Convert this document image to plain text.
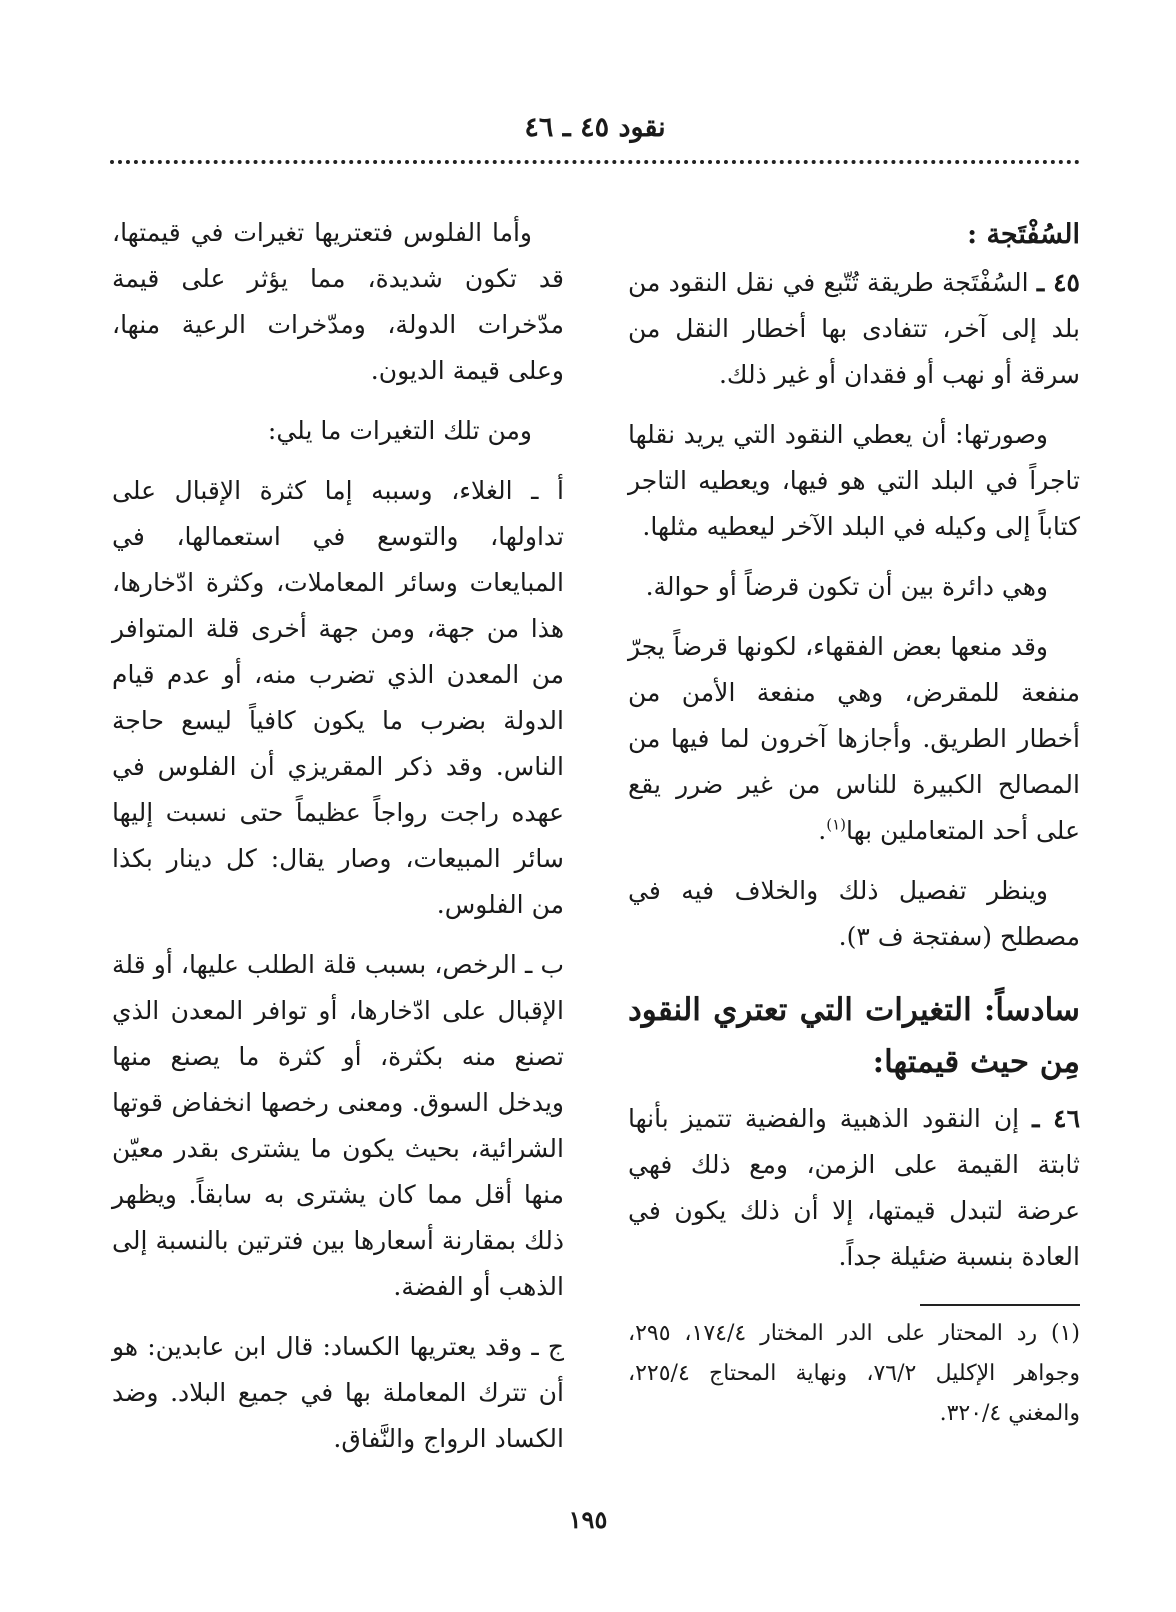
نقود ٤٥ ـ ٤٦
السُفْتَجة :

٤٥ ـ السُفْتَجة طريقة تُتّبع في نقل النقود من بلد إلى آخر، تتفادى بها أخطار النقل من سرقة أو نهب أو فقدان أو غير ذلك.

وصورتها: أن يعطي النقود التي يريد نقلها تاجراً في البلد التي هو فيها، ويعطيه التاجر كتاباً إلى وكيله في البلد الآخر ليعطيه مثلها.

وهي دائرة بين أن تكون قرضاً أو حوالة.

وقد منعها بعض الفقهاء، لكونها قرضاً يجرّ منفعة للمقرض، وهي منفعة الأمن من أخطار الطريق. وأجازها آخرون لما فيها من المصالح الكبيرة للناس من غير ضرر يقع على أحد المتعاملين بها$^{(١)}$.

وينظر تفصيل ذلك والخلاف فيه في مصطلح (سفتجة ف ٣).

سادساً: التغيرات التي تعتري النقود مِن حيث قيمتها:

٤٦ ـ إن النقود الذهبية والفضية تتميز بأنها ثابتة القيمة على الزمن، ومع ذلك فهي عرضة لتبدل قيمتها، إلا أن ذلك يكون في العادة بنسبة ضئيلة جداً.

(١) رد المحتار على الدر المختار ١٧٤/٤، ٢٩٥، وجواهر الإكليل ٧٦/٢، ونهاية المحتاج ٢٢٥/٤، والمغني ٣٢٠/٤.

وأما الفلوس فتعتريها تغيرات في قيمتها، قد تكون شديدة، مما يؤثر على قيمة مدّخرات الدولة، ومدّخرات الرعية منها، وعلى قيمة الديون.

ومن تلك التغيرات ما يلي:

أ ـ الغلاء، وسببه إما كثرة الإقبال على تداولها، والتوسع في استعمالها، في المبايعات وسائر المعاملات، وكثرة ادّخارها، هذا من جهة، ومن جهة أخرى قلة المتوافر من المعدن الذي تضرب منه، أو عدم قيام الدولة بضرب ما يكون كافياً ليسع حاجة الناس. وقد ذكر المقريزي أن الفلوس في عهده راجت رواجاً عظيماً حتى نسبت إليها سائر المبيعات، وصار يقال: كل دينار بكذا من الفلوس.

ب ـ الرخص، بسبب قلة الطلب عليها، أو قلة الإقبال على ادّخارها، أو توافر المعدن الذي تصنع منه بكثرة، أو كثرة ما يصنع منها ويدخل السوق. ومعنى رخصها انخفاض قوتها الشرائية، بحيث يكون ما يشترى بقدر معيّن منها أقل مما كان يشترى به سابقاً. ويظهر ذلك بمقارنة أسعارها بين فترتين بالنسبة إلى الذهب أو الفضة.

ج ـ وقد يعتريها الكساد: قال ابن عابدين: هو أن تترك المعاملة بها في جميع البلاد. وضد الكساد الرواج والنَّفاق.

١٩٥
